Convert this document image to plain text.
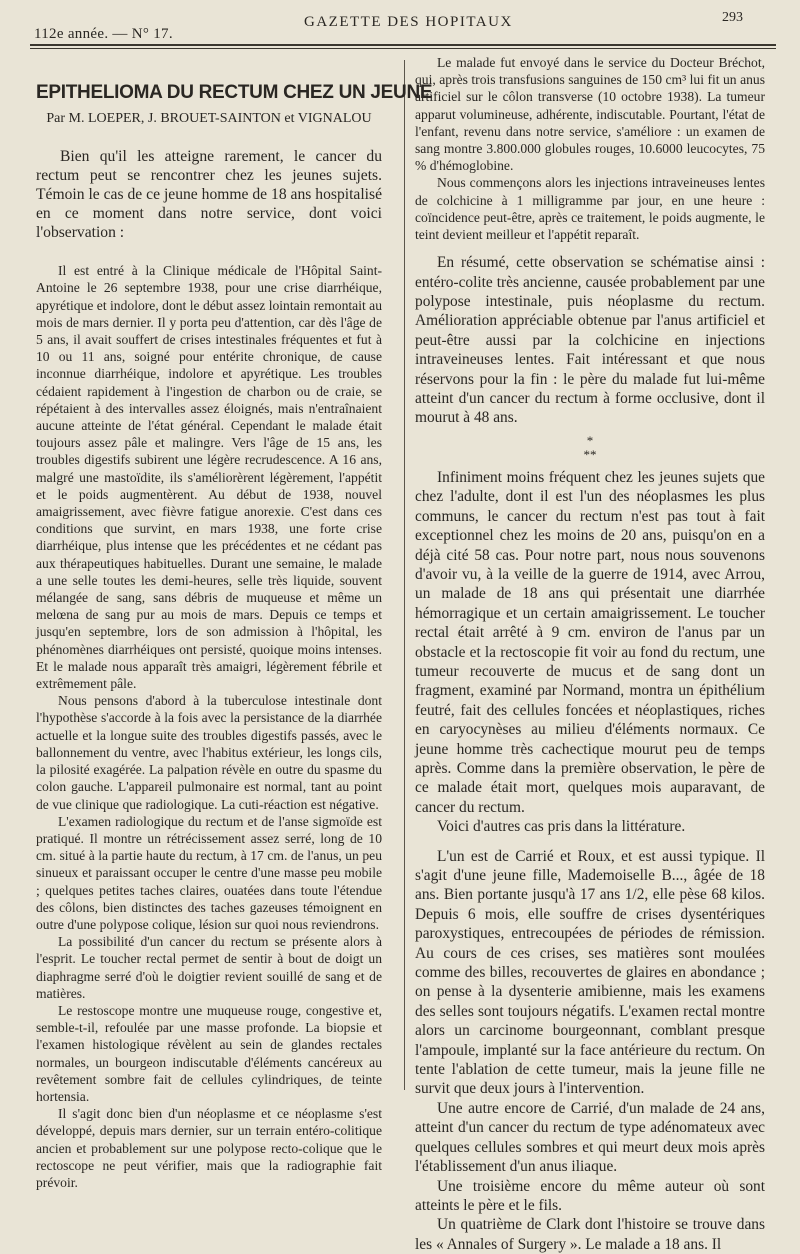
112e année. — N° 17.
GAZETTE DES HOPITAUX	293
EPITHELIOMA DU RECTUM CHEZ UN JEUNE
Par M. LOEPER, J. BROUET-SAINTON et VIGNALOU

Bien qu'il les atteigne rarement, le cancer du rectum peut se rencontrer chez les jeunes sujets. Témoin le cas de ce jeune homme de 18 ans hospitalisé en ce moment dans notre service, dont voici l'observation :

Il est entré à la Clinique médicale de l'Hôpital Saint-Antoine le 26 septembre 1938, pour une crise diarrhéique, apyrétique et indolore, dont le début assez lointain remontait au mois de mars dernier. Il y porta peu d'attention, car dès l'âge de 5 ans, il avait souffert de crises intestinales fréquentes et fut à 10 ou 11 ans, soigné pour entérite chronique, de cause inconnue diarrhéique, indolore et apyrétique. Les troubles cédaient rapidement à l'ingestion de charbon ou de craie, se répétaient à des intervalles assez éloignés, mais n'entraînaient aucune atteinte de l'état général. Cependant le malade était toujours assez pâle et malingre. Vers l'âge de 15 ans, les troubles digestifs subirent une légère recrudescence. A 16 ans, malgré une mastoïdite, ils s'améliorèrent légèrement, l'appétit et le poids augmentèrent. Au début de 1938, nouvel amaigrissement, avec fièvre fatigue anorexie. C'est dans ces conditions que survint, en mars 1938, une forte crise diarrhéique, plus intense que les précédentes et ne cédant pas aux thérapeutiques habituelles. Durant une semaine, le malade a une selle toutes les demi-heures, selle très liquide, souvent mélangée de sang, sans débris de muqueuse et même un melœna de sang pur au mois de mars. Depuis ce temps et jusqu'en septembre, lors de son admission à l'hôpital, les phénomènes diarrhéiques ont persisté, quoique moins intenses. Et le malade nous apparaît très amaigri, légèrement fébrile et extrêmement pâle.

Nous pensons d'abord à la tuberculose intestinale dont l'hypothèse s'accorde à la fois avec la persistance de la diarrhée actuelle et la longue suite des troubles digestifs passés, avec le ballonnement du ventre, avec l'habitus extérieur, les longs cils, la pilosité exagérée. La palpation révèle en outre du spasme du colon gauche. L'appareil pulmonaire est normal, tant au point de vue clinique que radiologique. La cuti-réaction est négative.

L'examen radiologique du rectum et de l'anse sigmoïde est pratiqué. Il montre un rétrécissement assez serré, long de 10 cm. situé à la partie haute du rectum, à 17 cm. de l'anus, un peu sinueux et paraissant occuper le centre d'une masse peu mobile ; quelques petites taches claires, ouatées dans toute l'étendue des côlons, bien distinctes des taches gazeuses témoignent en outre d'une polypose colique, lésion sur quoi nous reviendrons.

La possibilité d'un cancer du rectum se présente alors à l'esprit. Le toucher rectal permet de sentir à bout de doigt un diaphragme serré d'où le doigtier revient souillé de sang et de matières.

Le restoscope montre une muqueuse rouge, congestive et, semble-t-il, refoulée par une masse profonde. La biopsie et l'examen histologique révèlent au sein de glandes rectales normales, un bourgeon indiscutable d'éléments cancéreux au revêtement sombre fait de cellules cylindriques, de teinte hortensia.

Il s'agit donc bien d'un néoplasme et ce néoplasme s'est développé, depuis mars dernier, sur un terrain entéro-colitique ancien et probablement sur une polypose recto-colique que le rectoscope ne peut vérifier, mais que la radiographie fait prévoir.

Le malade fut envoyé dans le service du Docteur Bréchot, qui, après trois transfusions sanguines de 150 cm³ lui fit un anus artificiel sur le côlon transverse (10 octobre 1938). La tumeur apparut volumineuse, adhérente, indiscutable. Pourtant, l'état de l'enfant, revenu dans notre service, s'améliore : un examen de sang montre 3.800.000 globules rouges, 10.6000 leucocytes, 75 % d'hémoglobine.

Nous commençons alors les injections intraveineuses lentes de colchicine à 1 milligramme par jour, en une heure : coïncidence peut-être, après ce traitement, le poids augmente, le teint devient meilleur et l'appétit reparaît.

En résumé, cette observation se schématise ainsi : entéro-colite très ancienne, causée probablement par une polypose intestinale, puis néoplasme du rectum. Amélioration appréciable obtenue par l'anus artificiel et peut-être aussi par la colchicine en injections intraveineuses lentes. Fait intéressant et que nous réservons pour la fin : le père du malade fut lui-même atteint d'un cancer du rectum à forme occlusive, dont il mourut à 48 ans.

*
**

Infiniment moins fréquent chez les jeunes sujets que chez l'adulte, dont il est l'un des néoplasmes les plus communs, le cancer du rectum n'est pas tout à fait exceptionnel chez les moins de 20 ans, puisqu'on en a déjà cité 58 cas. Pour notre part, nous nous souvenons d'avoir vu, à la veille de la guerre de 1914, avec Arrou, un malade de 18 ans qui présentait une diarrhée hémorragique et un certain amaigrissement. Le toucher rectal était arrêté à 9 cm. environ de l'anus par un obstacle et la rectoscopie fit voir au fond du rectum, une tumeur recouverte de mucus et de sang dont un fragment, examiné par Normand, montra un épithélium feutré, fait des cellules foncées et néoplastiques, riches en caryocynèses au milieu d'éléments normaux. Ce jeune homme très cachectique mourut peu de temps après. Comme dans la première observation, le père de ce malade était mort, quelques mois auparavant, de cancer du rectum.

Voici d'autres cas pris dans la littérature.

L'un est de Carrié et Roux, et est aussi typique. Il s'agit d'une jeune fille, Mademoiselle B..., âgée de 18 ans. Bien portante jusqu'à 17 ans 1/2, elle pèse 68 kilos. Depuis 6 mois, elle souffre de crises dysentériques paroxystiques, entrecoupées de périodes de rémission. Au cours de ces crises, ses matières sont moulées comme des billes, recouvertes de glaires en abondance ; on pense à la dysenterie amibienne, mais les examens des selles sont toujours négatifs. L'examen rectal montre alors un carcinome bourgeonnant, comblant presque l'ampoule, implanté sur la face antérieure du rectum. On tente l'ablation de cette tumeur, mais la jeune fille ne survit que deux jours à l'intervention.

Une autre encore de Carrié, d'un malade de 24 ans, atteint d'un cancer du rectum de type adénomateux avec quelques cellules sombres et qui meurt deux mois après l'établissement d'un anus iliaque.

Une troisième encore du même auteur où sont atteints le père et le fils.

Un quatrième de Clark dont l'histoire se trouve dans les « Annales of Surgery ». Le malade a 18 ans. Il
